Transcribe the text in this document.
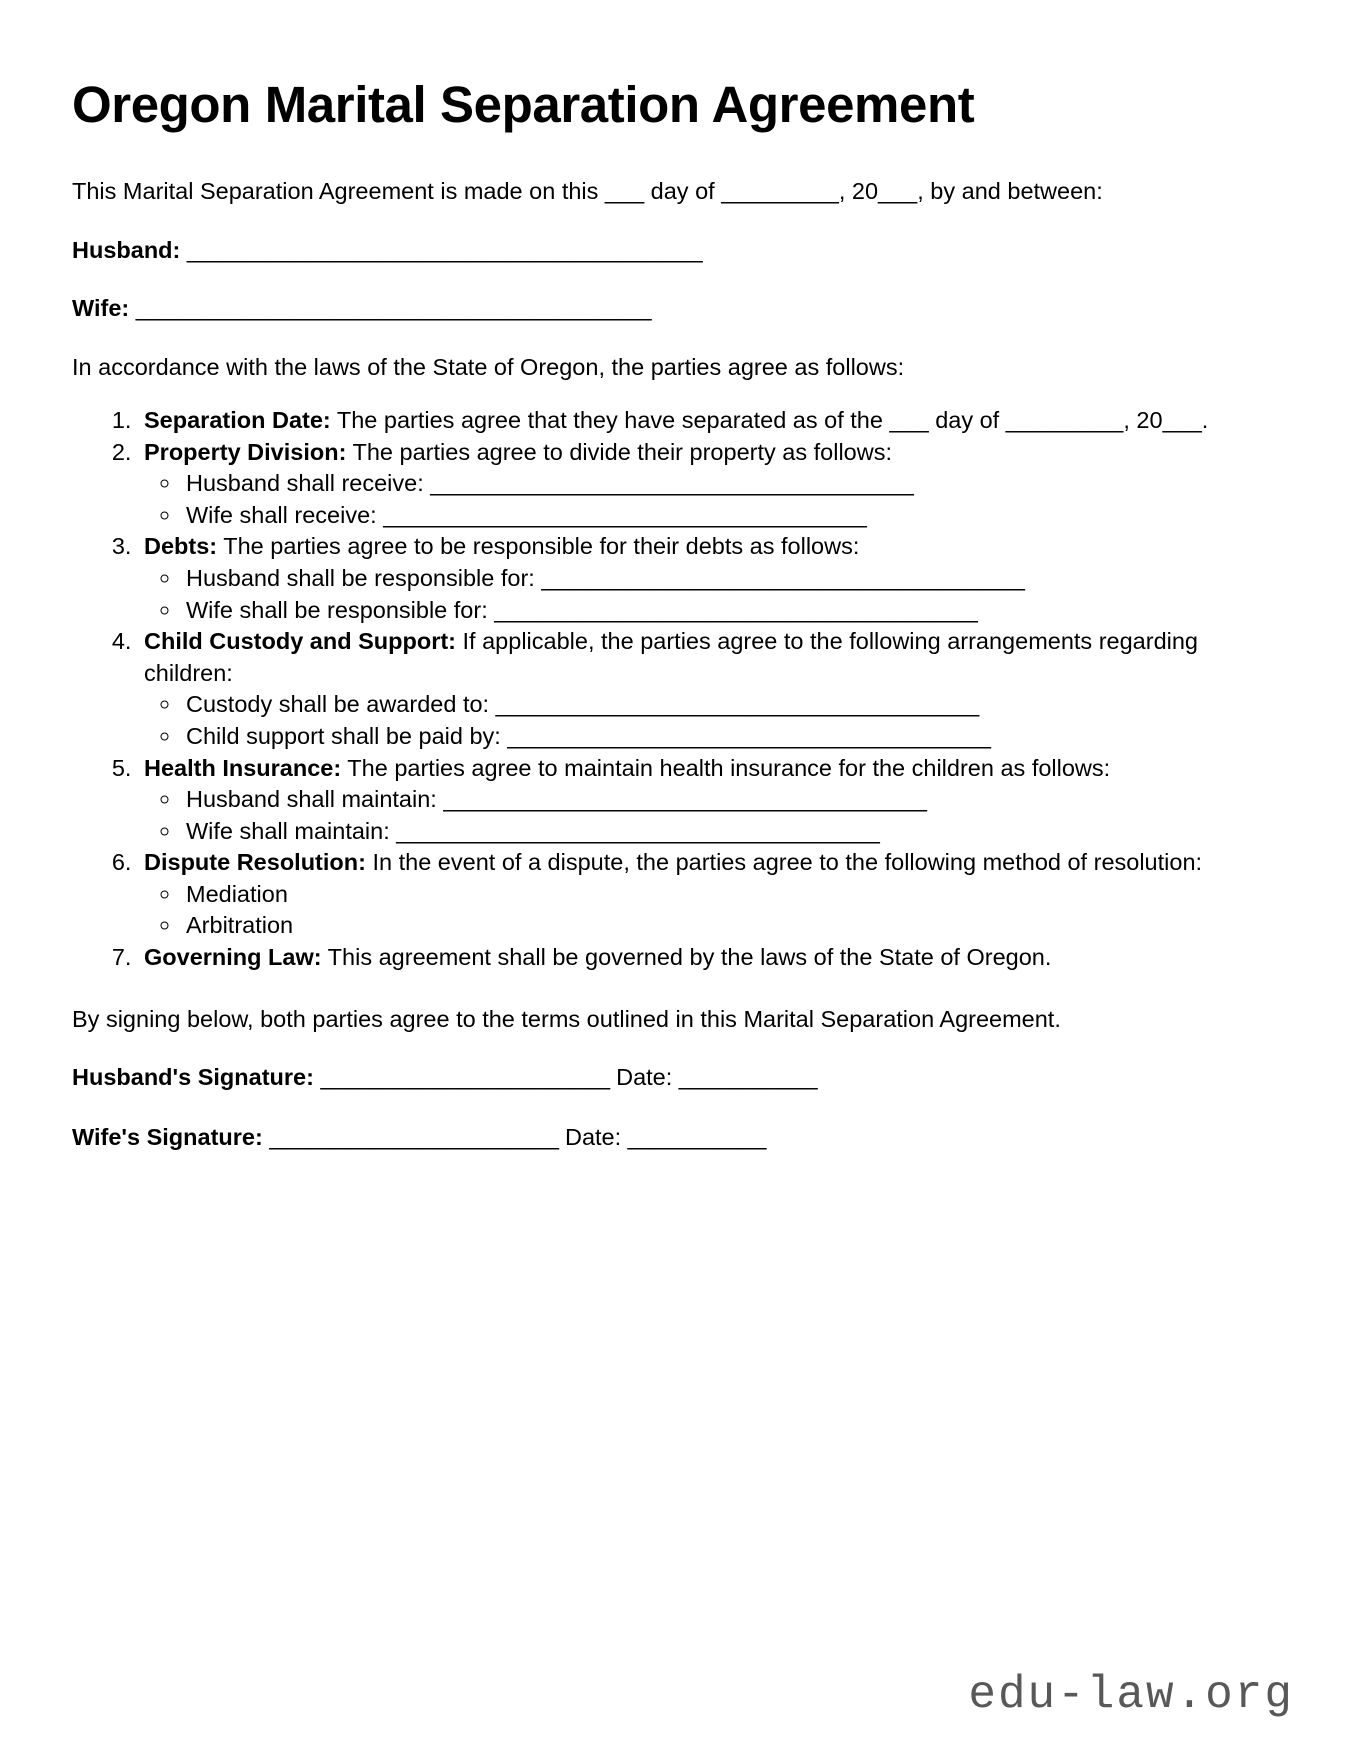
Oregon Marital Separation Agreement

This Marital Separation Agreement is made on this ___ day of _________, 20___, by and between:

Husband: _________________________________________
Wife: _________________________________________

In accordance with the laws of the State of Oregon, the parties agree as follows:

1. Separation Date: The parties agree that they have separated as of the ___ day of _________, 20___.
2. Property Division: The parties agree to divide their property as follows:
◦ Husband shall receive: _____________________________________
◦ Wife shall receive: _____________________________________
3. Debts: The parties agree to be responsible for their debts as follows:
◦ Husband shall be responsible for: _____________________________________
◦ Wife shall be responsible for: _____________________________________
4. Child Custody and Support: If applicable, the parties agree to the following arrangements regarding children:
◦ Custody shall be awarded to: _____________________________________
◦ Child support shall be paid by: _____________________________________
5. Health Insurance: The parties agree to maintain health insurance for the children as follows:
◦ Husband shall maintain: _____________________________________
◦ Wife shall maintain: _____________________________________
6. Dispute Resolution: In the event of a dispute, the parties agree to the following method of resolution:
◦ Mediation
◦ Arbitration
7. Governing Law: This agreement shall be governed by the laws of the State of Oregon.

By signing below, both parties agree to the terms outlined in this Marital Separation Agreement.

Husband's Signature: _______________________ Date: ___________
Wife's Signature: _______________________ Date: ___________
edu-law.org
